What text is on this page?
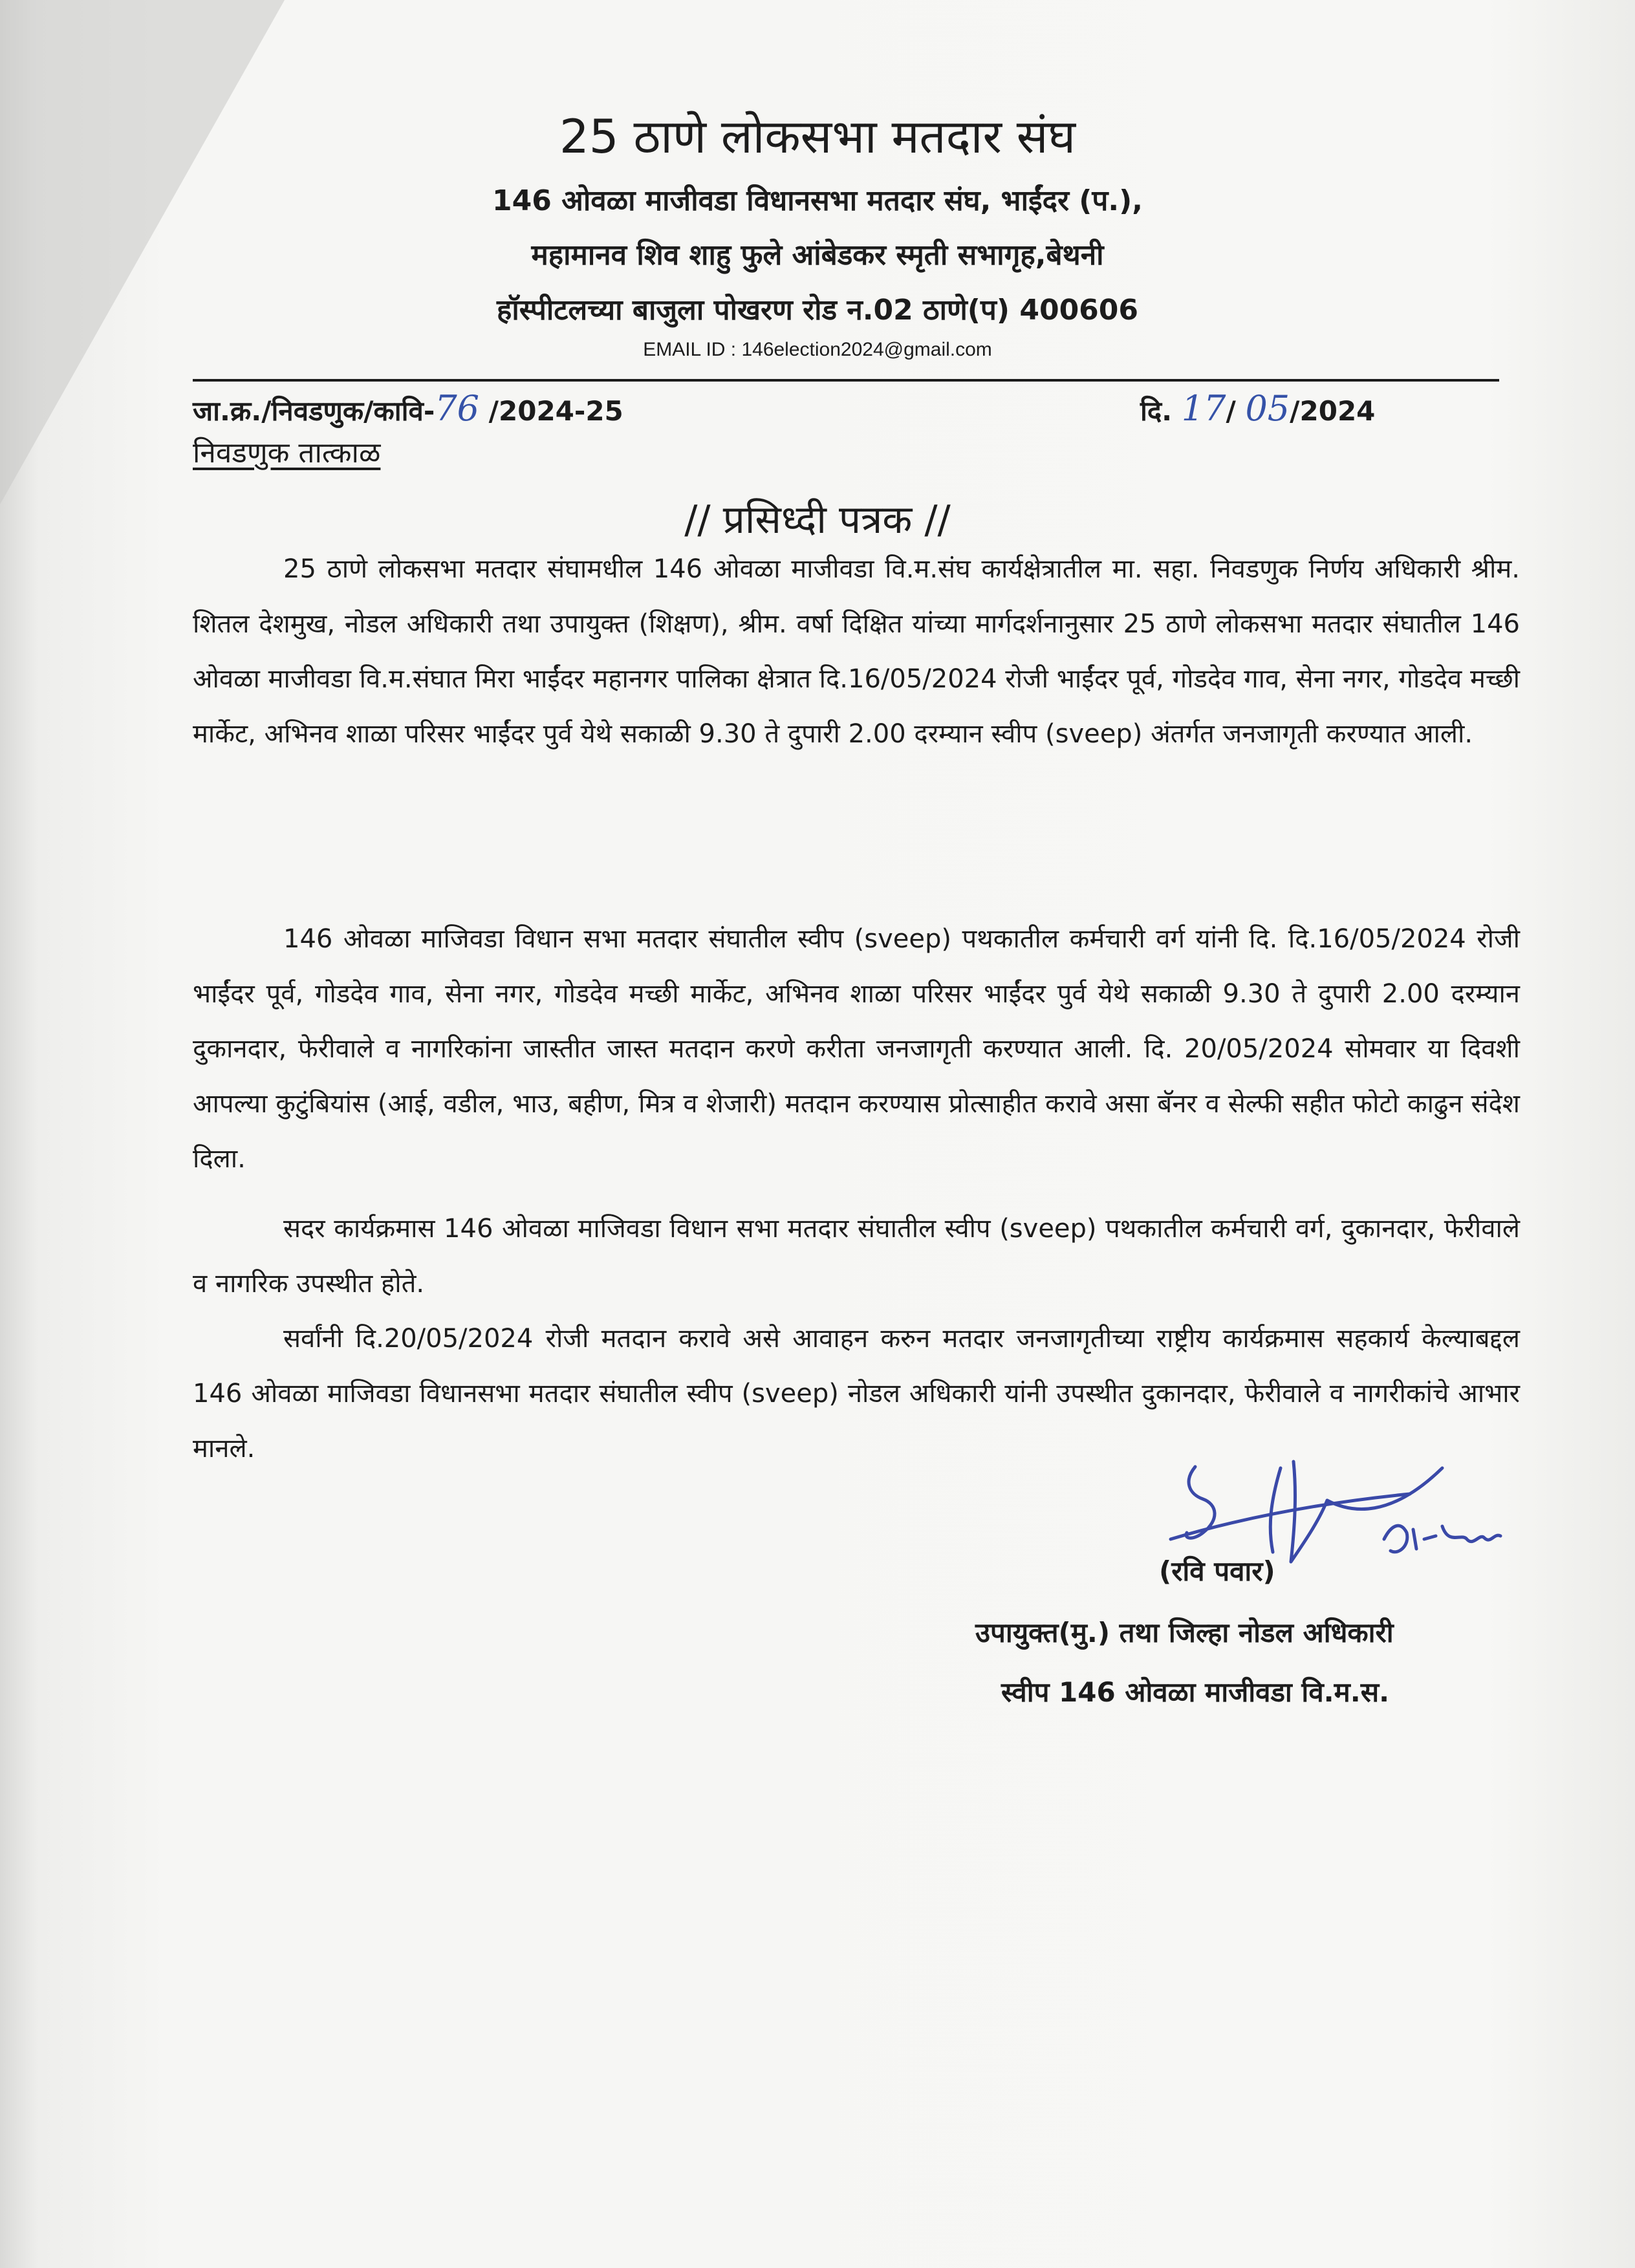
25 ठाणे लोकसभा मतदार संघ
146 ओवळा माजीवडा विधानसभा मतदार संघ, भाईंदर (प.),
महामानव शिव शाहु फुले आंबेडकर स्मृती सभागृह,बेथनी
हॉस्पीटलच्या बाजुला पोखरण रोड न.02 ठाणे(प) 400606
EMAIL ID : 146election2024@gmail.com
जा.क्र./निवडणुक/कावि-76 /2024-25	दि. 17/ 05/2024
निवडणुक तात्काळ
// प्रसिध्दी पत्रक //
25 ठाणे लोकसभा मतदार संघामधील 146 ओवळा माजीवडा वि.म.संघ कार्यक्षेत्रातील मा. सहा. निवडणुक निर्णय अधिकारी श्रीम. शितल देशमुख, नोडल अधिकारी तथा उपायुक्त (शिक्षण), श्रीम. वर्षा दिक्षित यांच्या मार्गदर्शनानुसार 25 ठाणे लोकसभा मतदार संघातील 146 ओवळा माजीवडा वि.म.संघात मिरा भाईंदर महानगर पालिका क्षेत्रात दि.16/05/2024 रोजी भाईंदर पूर्व, गोडदेव गाव, सेना नगर, गोडदेव मच्छी मार्केट, अभिनव शाळा परिसर भाईंदर पुर्व येथे सकाळी 9.30 ते दुपारी 2.00 दरम्यान स्वीप (sveep) अंतर्गत जनजागृती करण्यात आली.
146 ओवळा माजिवडा विधान सभा मतदार संघातील स्वीप (sveep) पथकातील कर्मचारी वर्ग यांनी दि. दि.16/05/2024 रोजी भाईंदर पूर्व, गोडदेव गाव, सेना नगर, गोडदेव मच्छी मार्केट, अभिनव शाळा परिसर भाईंदर पुर्व येथे सकाळी 9.30 ते दुपारी 2.00 दरम्यान दुकानदार, फेरीवाले व नागरिकांना जास्तीत जास्त मतदान करणे करीता जनजागृती करण्यात आली. दि. 20/05/2024 सोमवार या दिवशी आपल्या कुटुंबियांस (आई, वडील, भाउ, बहीण, मित्र व शेजारी) मतदान करण्यास प्रोत्साहीत करावे असा बॅनर व सेल्फी सहीत फोटो काढुन संदेश दिला.
सदर कार्यक्रमास 146 ओवळा माजिवडा विधान सभा मतदार संघातील स्वीप (sveep) पथकातील कर्मचारी वर्ग, दुकानदार, फेरीवाले व नागरिक उपस्थीत होते.
सर्वांनी दि.20/05/2024 रोजी मतदान करावे असे आवाहन करुन मतदार जनजागृतीच्या राष्ट्रीय कार्यक्रमास सहकार्य केल्याबद्दल 146 ओवळा माजिवडा विधानसभा मतदार संघातील स्वीप (sveep) नोडल अधिकारी यांनी उपस्थीत दुकानदार, फेरीवाले व नागरीकांचे आभार मानले.
(रवि पवार)
उपायुक्त(मु.) तथा जिल्हा नोडल अधिकारी
स्वीप 146 ओवळा माजीवडा वि.म.स.
